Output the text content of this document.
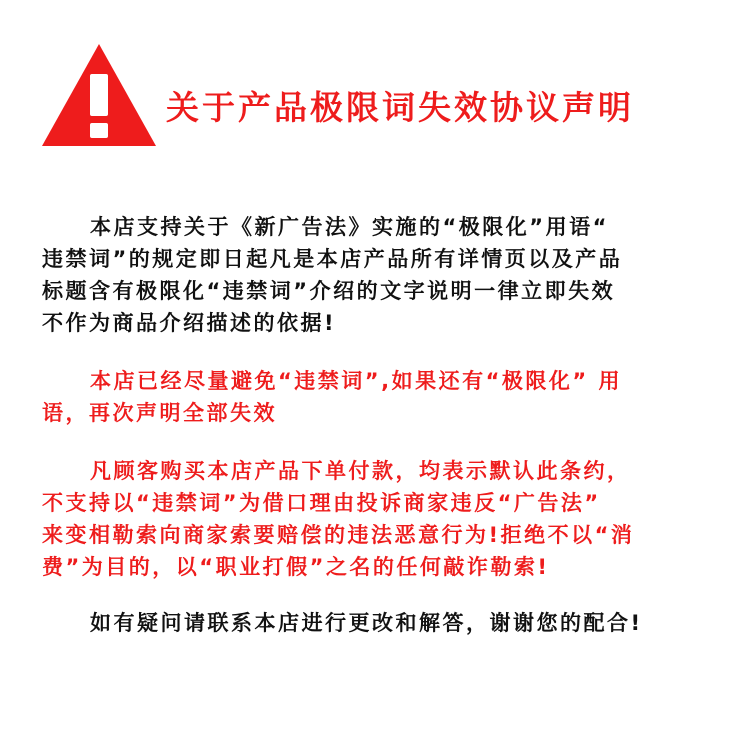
关于产品极限词失效协议声明
本店支持关于《新广告法》实施的“极限化”用语“
违禁词”的规定即日起凡是本店产品所有详情页以及产品
标题含有极限化“违禁词”介绍的文字说明一律立即失效
不作为商品介绍描述的依据!
本店已经尽量避免“违禁词”,如果还有“极限化” 用
语，再次声明全部失效
凡顾客购买本店产品下单付款，均表示默认此条约，
不支持以“违禁词”为借口理由投诉商家违反“广告法”
来变相勒索向商家索要赔偿的违法恶意行为!拒绝不以“消
费”为目的，以“职业打假”之名的任何敲诈勒索!
如有疑问请联系本店进行更改和解答，谢谢您的配合!
